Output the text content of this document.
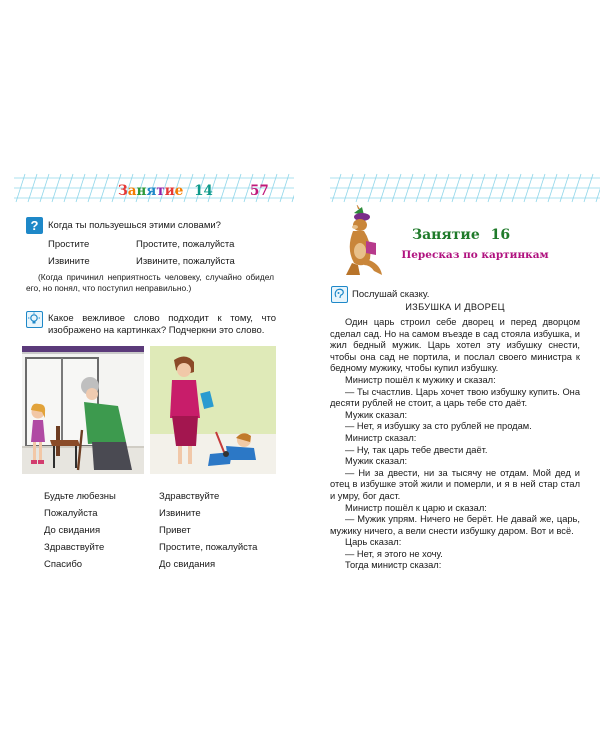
Занятие 14	57
?	Когда ты пользуешься этими словами?
Простите	Простите, пожалуйста
Извините	Извините, пожалуйста
(Когда причинил неприятность человеку, случайно обидел его, но понял, что поступил неправильно.)
Какое вежливое слово подходит к тому, что изображено на картинках? Подчеркни это слово.
Будьте любезны
Пожалуйста
До свидания
Здравствуйте
Спасибо
Здравствуйте
Извините
Привет
Простите, пожалуйста
До свидания
Занятие 16
Пересказ по картинкам
Послушай сказку.
ИЗБУШКА И ДВОРЕЦ

Один царь строил себе дворец и перед дворцом сделал сад. Но на самом въезде в сад стояла избушка, и жил бедный мужик. Царь хотел эту избушку снести, чтобы она сад не портила, и послал своего министра к бедному мужику, чтобы купил избушку.

Министр пошёл к мужику и сказал:

— Ты счастлив. Царь хочет твою избушку купить. Она десяти рублей не стоит, а царь тебе сто даёт.

Мужик сказал:

— Нет, я избушку за сто рублей не продам.

Министр сказал:

— Ну, так царь тебе двести даёт.

Мужик сказал:

— Ни за двести, ни за тысячу не отдам. Мой дед и отец в избушке этой жили и померли, и я в ней стар стал и умру, бог даст.

Министр пошёл к царю и сказал:

— Мужик упрям. Ничего не берёт. Не давай же, царь, мужику ничего, а вели снести избушку даром. Вот и всё.

Царь сказал:

— Нет, я этого не хочу.

Тогда министр сказал:
